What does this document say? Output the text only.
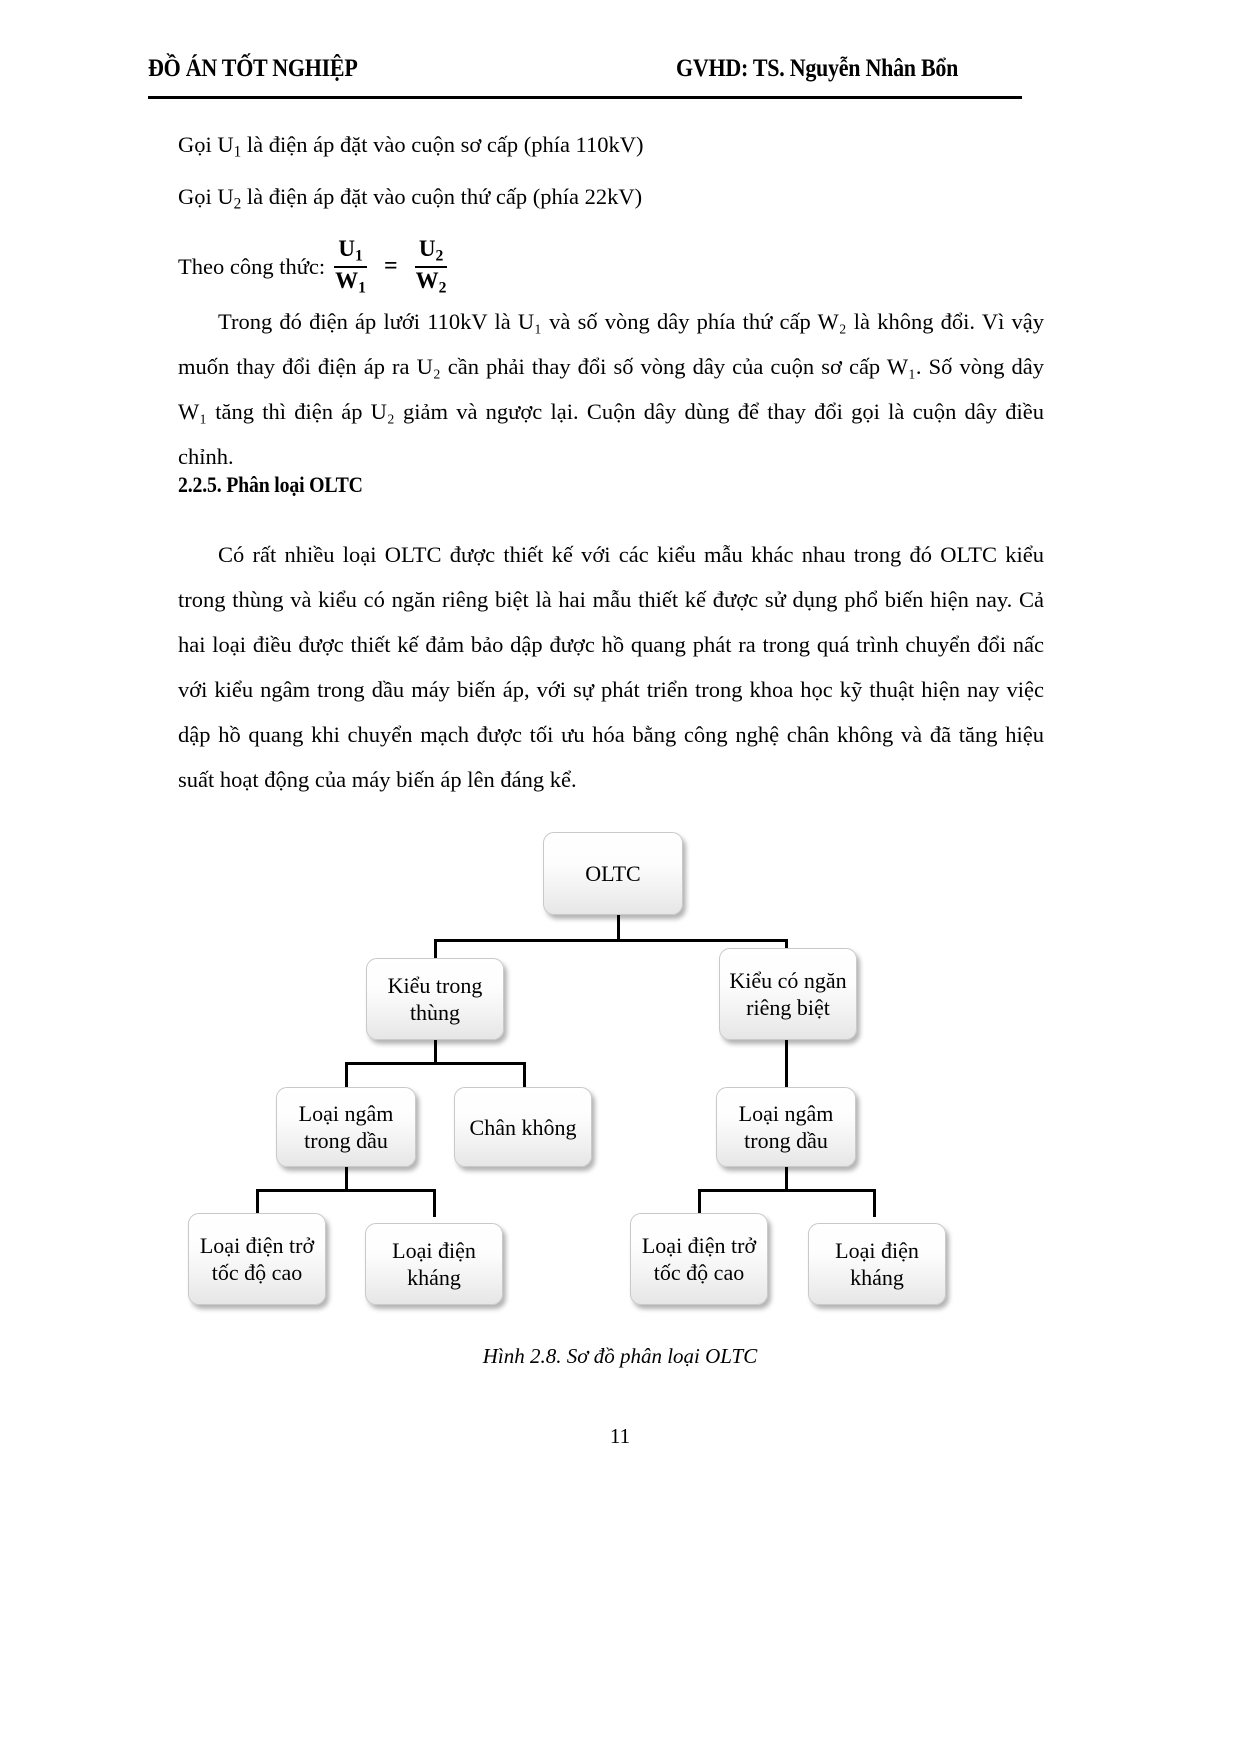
ĐỒ ÁN TỐT NGHIỆP	GVHD: TS. Nguyễn Nhân Bổn
Gọi $U_1$ là điện áp đặt vào cuộn sơ cấp (phía 110kV)
Gọi $U_2$ là điện áp đặt vào cuộn thứ cấp (phía 22kV)
Theo công thức: $\frac{U_1}{W_1} = \frac{U_2}{W_2}$

Trong đó điện áp lưới 110kV là U₁ và số vòng dây phía thứ cấp W₂ là không đổi. Vì vậy muốn thay đổi điện áp ra U₂ cần phải thay đổi số vòng dây của cuộn sơ cấp W₁. Số vòng dây W₁ tăng thì điện áp U₂ giảm và ngược lại. Cuộn dây dùng để thay đổi gọi là cuộn dây điều chỉnh.

2.2.5. Phân loại OLTC

Có rất nhiều loại OLTC được thiết kế với các kiểu mẫu khác nhau trong đó OLTC kiểu trong thùng và kiểu có ngăn riêng biệt là hai mẫu thiết kế được sử dụng phổ biến hiện nay. Cả hai loại điều được thiết kế đảm bảo dập được hồ quang phát ra trong quá trình chuyển đổi nấc với kiểu ngâm trong dầu máy biến áp, với sự phát triển trong khoa học kỹ thuật hiện nay việc dập hồ quang khi chuyển mạch được tối ưu hóa bằng công nghệ chân không và đã tăng hiệu suất hoạt động của máy biến áp lên đáng kể.

OLTC
Kiểu trong thùng
Kiểu có ngăn riêng biệt
Loại ngâm trong dầu
Chân không
Loại ngâm trong dầu
Loại điện trở tốc độ cao
Loại điện kháng
Loại điện trở tốc độ cao
Loại điện kháng
Hình 2.8. Sơ đồ phân loại OLTC
11
